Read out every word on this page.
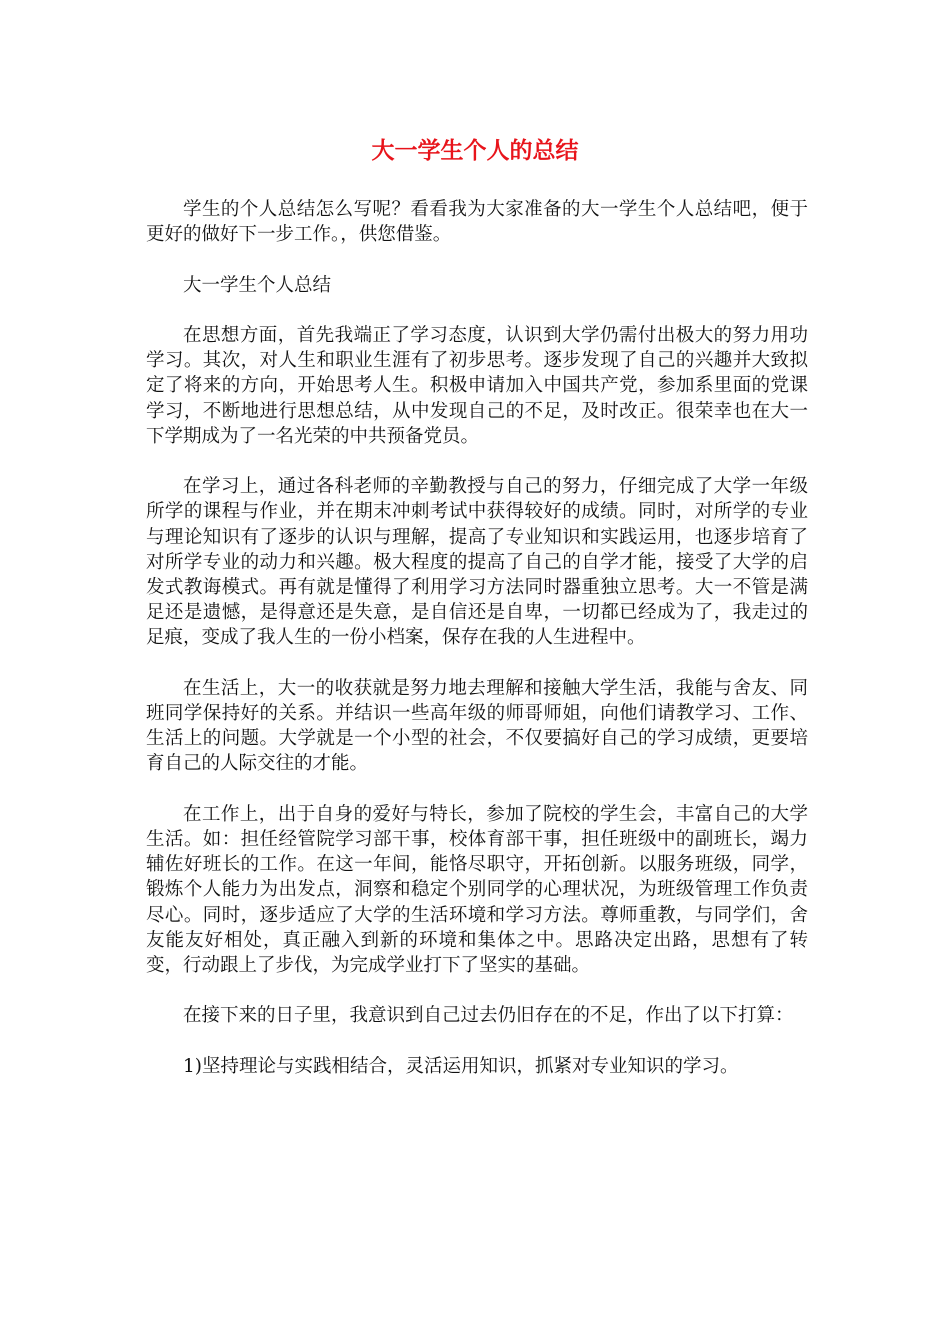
大一学生个人的总结

学生的个人总结怎么写呢？看看我为大家准备的大一学生个人总结吧，便于更好的做好下一步工作。，供您借鉴。

大一学生个人总结

在思想方面，首先我端正了学习态度，认识到大学仍需付出极大的努力用功学习。其次，对人生和职业生涯有了初步思考。逐步发现了自己的兴趣并大致拟定了将来的方向，开始思考人生。积极申请加入中国共产党，参加系里面的党课学习，不断地进行思想总结，从中发现自己的不足，及时改正。很荣幸也在大一下学期成为了一名光荣的中共预备党员。

在学习上，通过各科老师的辛勤教授与自己的努力，仔细完成了大学一年级所学的课程与作业，并在期末冲刺考试中获得较好的成绩。同时，对所学的专业与理论知识有了逐步的认识与理解，提高了专业知识和实践运用，也逐步培育了对所学专业的动力和兴趣。极大程度的提高了自己的自学才能，接受了大学的启发式教诲模式。再有就是懂得了利用学习方法同时器重独立思考。大一不管是满足还是遗憾，是得意还是失意，是自信还是自卑，一切都已经成为了，我走过的足痕，变成了我人生的一份小档案，保存在我的人生进程中。

在生活上，大一的收获就是努力地去理解和接触大学生活，我能与舍友、同班同学保持好的关系。并结识一些高年级的师哥师姐，向他们请教学习、工作、生活上的问题。大学就是一个小型的社会，不仅要搞好自己的学习成绩，更要培育自己的人际交往的才能。

在工作上，出于自身的爱好与特长，参加了院校的学生会，丰富自己的大学生活。如：担任经管院学习部干事，校体育部干事，担任班级中的副班长，竭力辅佐好班长的工作。在这一年间，能恪尽职守，开拓创新。以服务班级，同学，锻炼个人能力为出发点，洞察和稳定个别同学的心理状况，为班级管理工作负责尽心。同时，逐步适应了大学的生活环境和学习方法。尊师重教，与同学们，舍友能友好相处，真正融入到新的环境和集体之中。思路决定出路，思想有了转变，行动跟上了步伐，为完成学业打下了坚实的基础。

在接下来的日子里，我意识到自己过去仍旧存在的不足，作出了以下打算：

1)坚持理论与实践相结合，灵活运用知识，抓紧对专业知识的学习。
